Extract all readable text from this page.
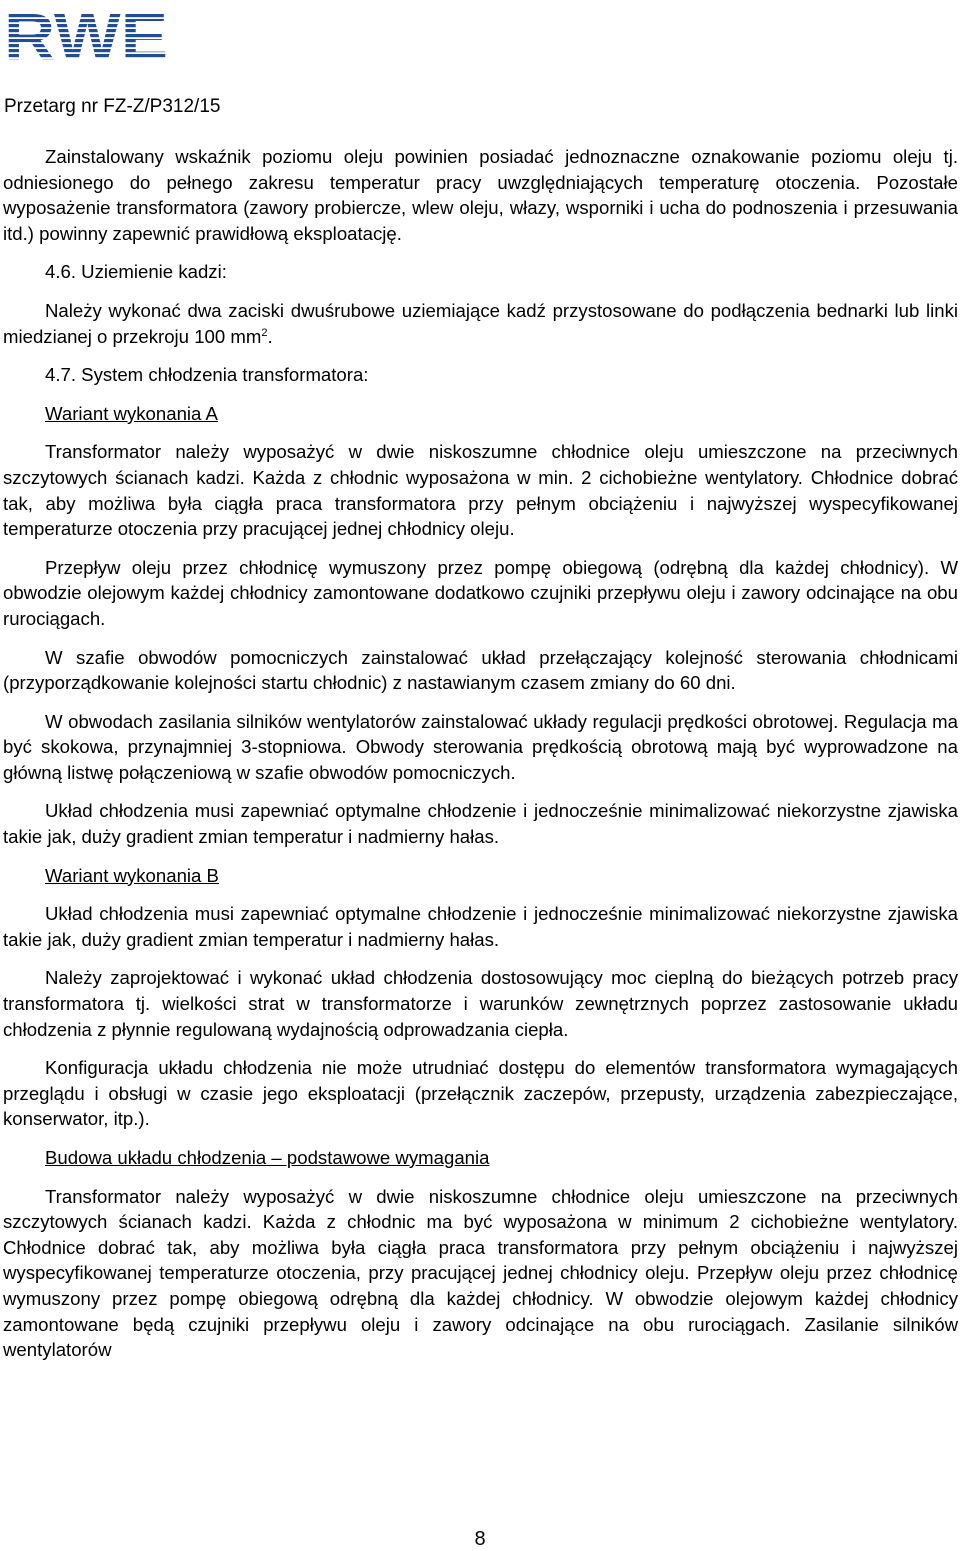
RWE

Przetarg nr FZ-Z/P312/15

Zainstalowany wskaźnik poziomu oleju powinien posiadać jednoznaczne oznakowanie poziomu oleju tj. odniesionego do pełnego zakresu temperatur pracy uwzględniających temperaturę otoczenia. Pozostałe wyposażenie transformatora (zawory probiercze, wlew oleju, włazy, wsporniki i ucha do podnoszenia i przesuwania itd.) powinny zapewnić prawidłową eksploatację.

4.6. Uziemienie kadzi:

Należy wykonać dwa zaciski dwuśrubowe uziemiające kadź przystosowane do podłączenia bednarki lub linki miedzianej o przekroju 100 $mm^2$.

4.7. System chłodzenia transformatora:

Wariant wykonania A

Transformator należy wyposażyć w dwie niskoszumne chłodnice oleju umieszczone na przeciwnych szczytowych ścianach kadzi. Każda z chłodnic wyposażona w min. 2 cichobieżne wentylatory. Chłodnice dobrać tak, aby możliwa była ciągła praca transformatora przy pełnym obciążeniu i najwyższej wyspecyfikowanej temperaturze otoczenia przy pracującej jednej chłodnicy oleju.

Przepływ oleju przez chłodnicę wymuszony przez pompę obiegową (odrębną dla każdej chłodnicy). W obwodzie olejowym każdej chłodnicy zamontowane dodatkowo czujniki przepływu oleju i zawory odcinające na obu rurociągach.

W szafie obwodów pomocniczych zainstalować układ przełączający kolejność sterowania chłodnicami (przyporządkowanie kolejności startu chłodnic) z nastawianym czasem zmiany do 60 dni.

W obwodach zasilania silników wentylatorów zainstalować układy regulacji prędkości obrotowej. Regulacja ma być skokowa, przynajmniej 3-stopniowa. Obwody sterowania prędkością obrotową mają być wyprowadzone na główną listwę połączeniową w szafie obwodów pomocniczych.

Układ chłodzenia musi zapewniać optymalne chłodzenie i jednocześnie minimalizować niekorzystne zjawiska takie jak, duży gradient zmian temperatur i nadmierny hałas.

Wariant wykonania B

Układ chłodzenia musi zapewniać optymalne chłodzenie i jednocześnie minimalizować niekorzystne zjawiska takie jak, duży gradient zmian temperatur i nadmierny hałas.

Należy zaprojektować i wykonać układ chłodzenia dostosowujący moc cieplną do bieżących potrzeb pracy transformatora tj. wielkości strat w transformatorze i warunków zewnętrznych poprzez zastosowanie układu chłodzenia z płynnie regulowaną wydajnością odprowadzania ciepła.

Konfiguracja układu chłodzenia nie może utrudniać dostępu do elementów transformatora wymagających przeglądu i obsługi w czasie jego eksploatacji (przełącznik zaczepów, przepusty, urządzenia zabezpieczające, konserwator, itp.).

Budowa układu chłodzenia – podstawowe wymagania

Transformator należy wyposażyć w dwie niskoszumne chłodnice oleju umieszczone na przeciwnych szczytowych ścianach kadzi. Każda z chłodnic ma być wyposażona w minimum 2 cichobieżne wentylatory. Chłodnice dobrać tak, aby możliwa była ciągła praca transformatora przy pełnym obciążeniu i najwyższej wyspecyfikowanej temperaturze otoczenia, przy pracującej jednej chłodnicy oleju. Przepływ oleju przez chłodnicę wymuszony przez pompę obiegową odrębną dla każdej chłodnicy. W obwodzie olejowym każdej chłodnicy zamontowane będą czujniki przepływu oleju i zawory odcinające na obu rurociągach. Zasilanie silników wentylatorów

8
